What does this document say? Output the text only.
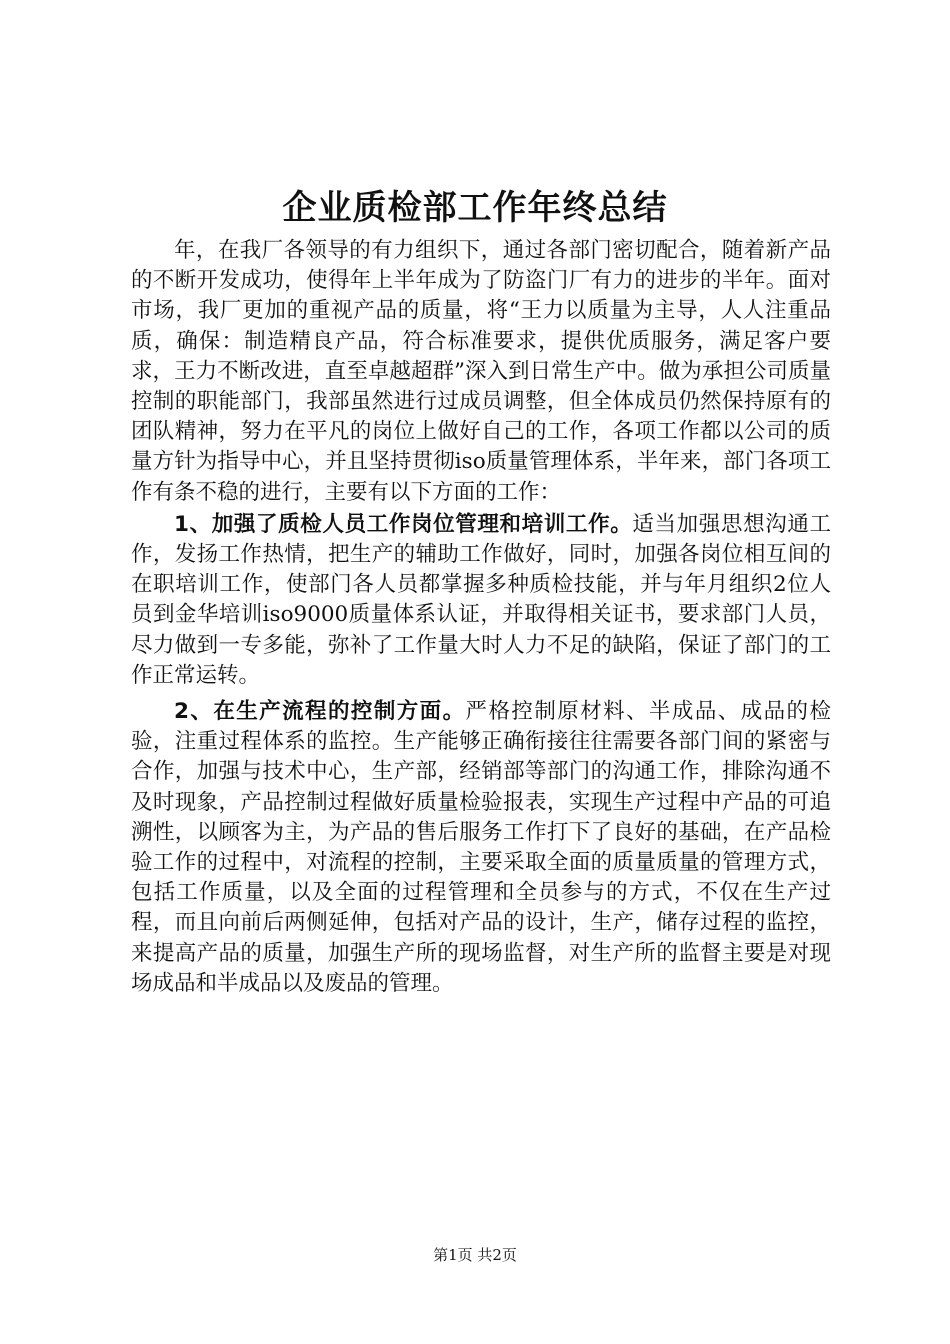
企业质检部工作年终总结

年，在我厂各领导的有力组织下，通过各部门密切配合，随着新产品的不断开发成功，使得年上半年成为了防盗门厂有力的进步的半年。面对市场，我厂更加的重视产品的质量，将“王力以质量为主导，人人注重品质，确保：制造精良产品，符合标准要求，提供优质服务，满足客户要求，王力不断改进，直至卓越超群”深入到日常生产中。做为承担公司质量控制的职能部门，我部虽然进行过成员调整，但全体成员仍然保持原有的团队精神，努力在平凡的岗位上做好自己的工作，各项工作都以公司的质量方针为指导中心，并且坚持贯彻iso质量管理体系，半年来，部门各项工作有条不稳的进行，主要有以下方面的工作：

1、加强了质检人员工作岗位管理和培训工作。适当加强思想沟通工作，发扬工作热情，把生产的辅助工作做好，同时，加强各岗位相互间的在职培训工作，使部门各人员都掌握多种质检技能，并与年月组织2位人员到金华培训iso9000质量体系认证，并取得相关证书，要求部门人员，尽力做到一专多能，弥补了工作量大时人力不足的缺陷，保证了部门的工作正常运转。

2、在生产流程的控制方面。严格控制原材料、半成品、成品的检验，注重过程体系的监控。生产能够正确衔接往往需要各部门间的紧密与合作，加强与技术中心，生产部，经销部等部门的沟通工作，排除沟通不及时现象，产品控制过程做好质量检验报表，实现生产过程中产品的可追溯性，以顾客为主，为产品的售后服务工作打下了良好的基础，在产品检验工作的过程中，对流程的控制，主要采取全面的质量质量的管理方式，包括工作质量，以及全面的过程管理和全员参与的方式，不仅在生产过程，而且向前后两侧延伸，包括对产品的设计，生产，储存过程的监控，来提高产品的质量，加强生产所的现场监督，对生产所的监督主要是对现场成品和半成品以及废品的管理。

第1页 共2页
